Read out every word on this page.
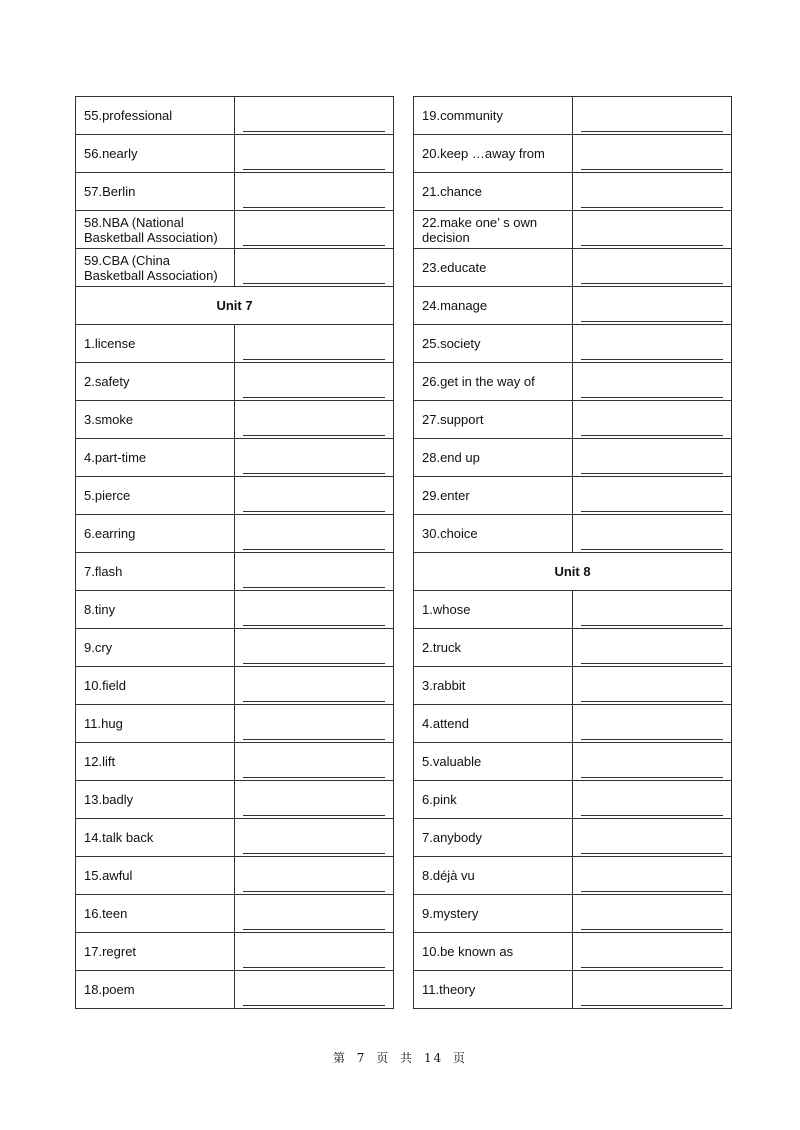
55.professional	

56.nearly	

57.Berlin	

58.NBA (National Basketball Association)	

59.CBA (China Basketball Association)	

Unit 7	
1.license	

2.safety	

3.smoke	

4.part-time	

5.pierce	

6.earring	

7.flash	

8.tiny	

9.cry	

10.field	

11.hug	

12.lift	

13.badly	

14.talk back	

15.awful	

16.teen	

17.regret	

18.poem	
19.community	

20.keep …away from	

21.chance	

22.make one’ s own decision	

23.educate	

24.manage	

25.society	

26.get in the way of	

27.support	

28.end up	

29.enter	

30.choice	

Unit 8	
1.whose	

2.truck	

3.rabbit	

4.attend	

5.valuable	

6.pink	

7.anybody	

8.déjà vu	

9.mystery	

10.be known as	

11.theory	
第 7 页 共 14 页
